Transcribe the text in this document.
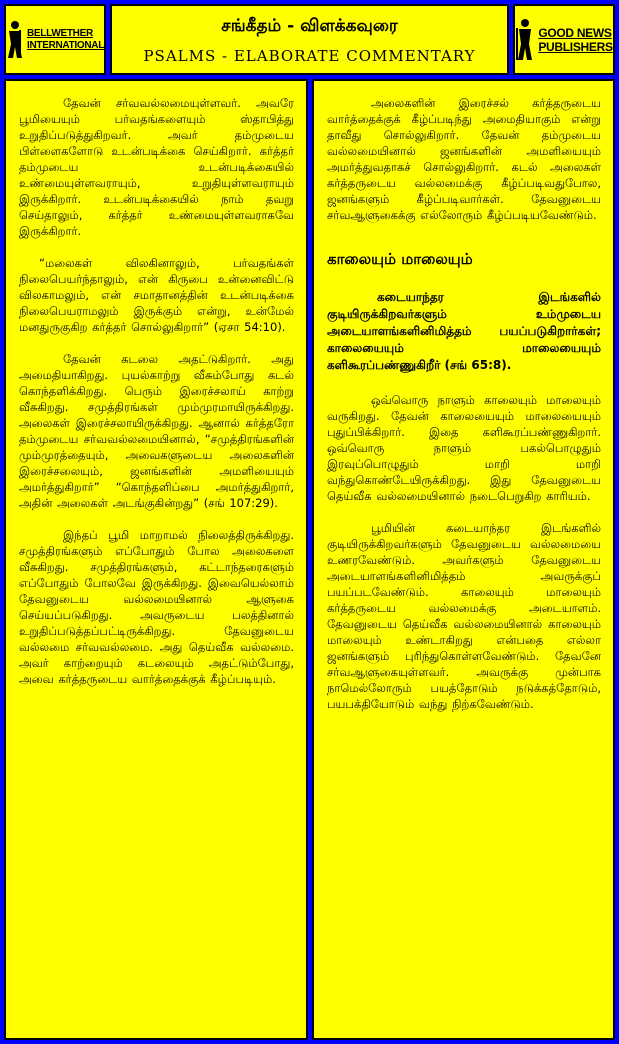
BELLWETHER
INTERNATIONAL
சங்கீதம் - விளக்கவுரை
PSALMS - ELABORATE COMMENTARY
GOOD NEWS
PUBLISHERS

தேவன் சர்வவல்லமையுள்ளவர். அவரே பூமியையும் பர்வதங்களையும் ஸ்தாபித்து உறுதிப்படுத்துகிறவர். அவர் தம்முடைய பிள்ளைகளோடு உடன்படிக்கை செய்கிறார். கர்த்தர் தம்முடைய உடன்படிக்கையில் உண்மையுள்ளவராயும், உறுதியுள்ளவராயும் இருக்கிறார். உடன்படிக்கையில் நாம் தவறு செய்தாலும், கர்த்தர் உண்மையுள்ளவராகவே இருக்கிறார்.

“மலைகள் விலகினாலும், பர்வதங்கள் நிலைபெயர்ந்தாலும், என் கிருபை உன்னைவிட்டு விலகாமலும், என் சமாதானத்தின் உடன்படிக்கை நிலைபெயராமலும் இருக்கும் என்று, உன்மேல் மனதுருகுகிற கர்த்தர் சொல்லுகிறார்” (ஏசா 54:10).

தேவன் கடலை அதட்டுகிறார். அது அமைதியாகிறது. புயல்காற்று வீசும்போது கடல் கொந்தளிக்கிறது. பெரும் இரைச்சலாய் காற்று வீசுகிறது. சமுத்திரங்கள் மும்முரமாயிருக்கிறது. அலைகள் இரைச்சலாயிருக்கிறது. ஆனால் கர்த்தரோ தம்முடைய சர்வவல்லமையினால், “சமுத்திரங்களின் மும்முரத்தையும், அவைகளுடைய அலைகளின் இரைச்சலையும், ஜனங்களின் அமளியையும் அமர்த்துகிறார்” “கொந்தளிப்பை அமர்த்துகிறார், அதின் அலைகள் அடங்குகின்றது” (சங் 107:29).

இந்தப் பூமி மாறாமல் நிலைத்திருக்கிறது. சமுத்திரங்களும் எப்போதும் போல அலைகளை வீசுகிறது. சமுத்திரங்களும், கட்டாந்தரைகளும் எப்போதும் போலவே இருக்கிறது. இவையெல்லாம் தேவனுடைய வல்லமையினால் ஆளுகை செய்யப்படுகிறது. அவருடைய பலத்தினால் உறுதிப்படுத்தப்பட்டிருக்கிறது. தேவனுடைய வல்லமை சர்வவல்லமை. அது தெய்வீக வல்லமை. அவர் காற்றையும் கடலையும் அதட்டும்போது, அவை கர்த்தருடைய வார்த்தைக்குக் கீழ்ப்படியும்.

அலைகளின் இரைச்சல் கர்த்தருடைய வார்த்தைக்குக் கீழ்ப்படிந்து அமைதியாகும் என்று தாவீது சொல்லுகிறார். தேவன் தம்முடைய வல்லமையினால் ஜனங்களின் அமளியையும் அமர்த்துவதாகச் சொல்லுகிறார். கடல் அலைகள் கர்த்தருடைய வல்லமைக்கு கீழ்ப்படிவதுபோல, ஜனங்களும் கீழ்ப்படிவார்கள். தேவனுடைய சர்வஆளுகைக்கு எல்லோரும் கீழ்ப்படியவேண்டும்.

காலையும் மாலையும்
கடையாந்தர இடங்களில் குடியிருக்கிறவர்களும் உம்முடைய அடையாளங்களினிமித்தம் பயப்படுகிறார்கள்; காலையையும் மாலையையும் களிகூரப்பண்ணுகிறீர் (சங் 65:8).

ஒவ்வொரு நாளும் காலையும் மாலையும் வருகிறது. தேவன் காலையையும் மாலையையும் புதுப்பிக்கிறார். இதை களிகூரப்பண்ணுகிறார். ஒவ்வொரு நாளும் பகல்பொழுதும் இரவுப்பொழுதும் மாறி மாறி வந்துகொண்டேயிருக்கிறது. இது தேவனுடைய தெய்வீக வல்லமையினால் நடைபெறுகிற காரியம்.

பூமியின் கடையாந்தர இடங்களில் குடியிருக்கிறவர்களும் தேவனுடைய வல்லமையை உணரவேண்டும். அவர்களும் தேவனுடைய அடையாளங்களினிமித்தம் அவருக்குப் பயப்படவேண்டும். காலையும் மாலையும் கர்த்தருடைய வல்லமைக்கு அடையாளம். தேவனுடைய தெய்வீக வல்லமையினால் காலையும் மாலையும் உண்டாகிறது என்பதை எல்லா ஜனங்களும் புரிந்துகொள்ளவேண்டும். தேவனே சர்வஆளுகையுள்ளவர். அவருக்கு முன்பாக நாமெல்லோரும் பயத்தோடும் நடுக்கத்தோடும், பயபக்தியோடும் வந்து நிற்கவேண்டும்.
